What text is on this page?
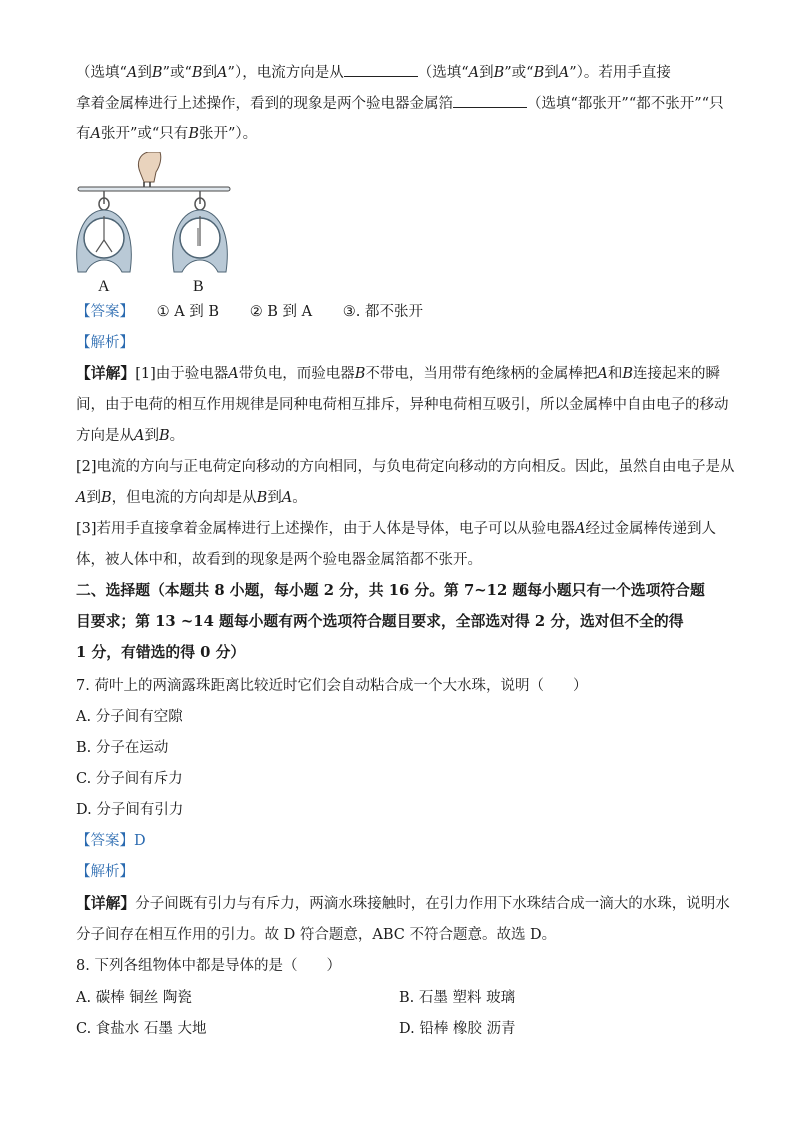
（选填“A到B”或“B到A”），电流方向是从	（选填“A到B”或“B到A”）。若用手直接
拿着金属棒进行上述操作，看到的现象是两个验电器金属箔	（选填“都张开”“都不张开”“只
有A张开”或“只有B张开”）。
A	B
【答案】 ① A 到 B ② B 到 A ③. 都不张开
【解析】
【详解】[1]由于验电器A带负电，而验电器B不带电，当用带有绝缘柄的金属棒把A和B连接起来的瞬
间，由于电荷的相互作用规律是同种电荷相互排斥，异种电荷相互吸引，所以金属棒中自由电子的移动
方向是从A到B。
[2]电流的方向与正电荷定向移动的方向相同，与负电荷定向移动的方向相反。因此，虽然自由电子是从
A到B，但电流的方向却是从B到A。
[3]若用手直接拿着金属棒进行上述操作，由于人体是导体，电子可以从验电器A经过金属棒传递到人
体，被人体中和，故看到的现象是两个验电器金属箔都不张开。
二、选择题（本题共 8 小题，每小题 2 分，共 16 分。第 7~12 题每小题只有一个选项符合题
目要求；第 13 ~14 题每小题有两个选项符合题目要求，全部选对得 2 分，选对但不全的得
1 分，有错选的得 0 分）
7. 荷叶上的两滴露珠距离比较近时它们会自动粘合成一个大水珠，说明（　　）
A. 分子间有空隙
B. 分子在运动
C. 分子间有斥力
D. 分子间有引力
【答案】D
【解析】
【详解】分子间既有引力与有斥力，两滴水珠接触时，在引力作用下水珠结合成一滴大的水珠，说明水
分子间存在相互作用的引力。故 D 符合题意，ABC 不符合题意。故选 D。
8. 下列各组物体中都是导体的是（　　）
A. 碳棒 铜丝 陶瓷	B. 石墨 塑料 玻璃
C. 食盐水 石墨 大地	D. 铅棒 橡胶 沥青
